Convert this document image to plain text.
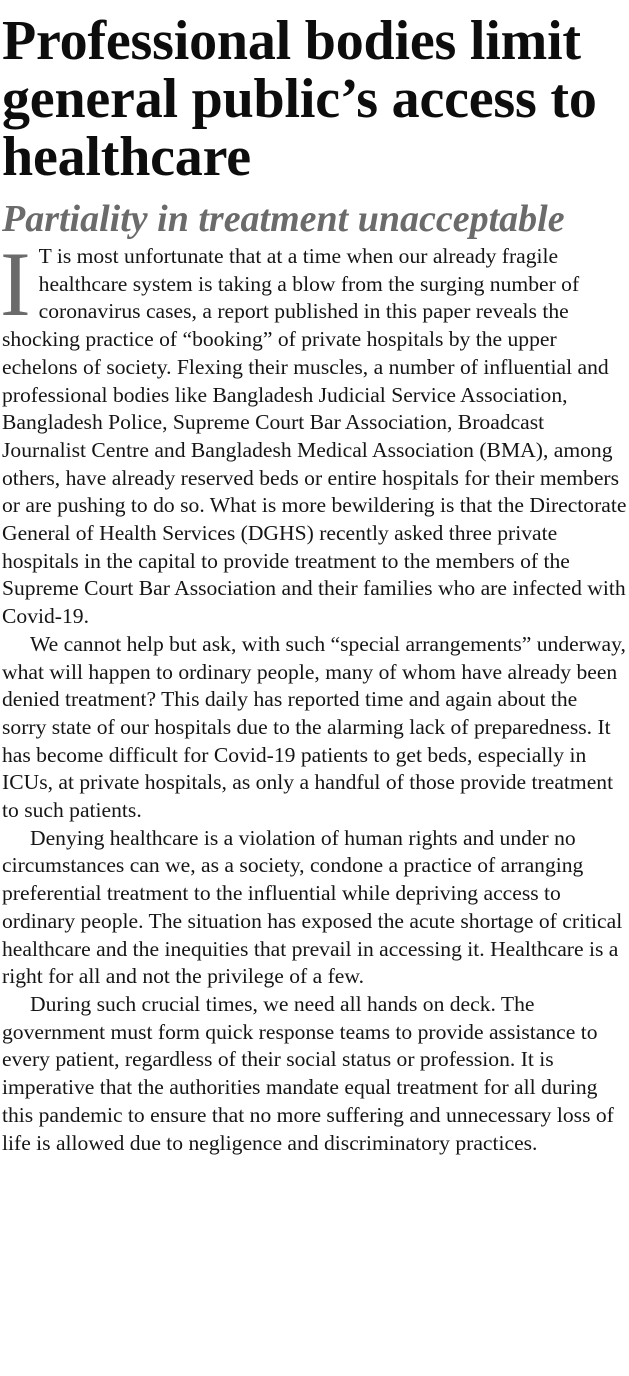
Professional bodies limit general public’s access to healthcare
Partiality in treatment unacceptable

I T is most unfortunate that at a time when our already fragile healthcare system is taking a blow from the surging number of coronavirus cases, a report published in this paper reveals the shocking practice of “booking” of private hospitals by the upper echelons of society. Flexing their muscles, a number of influential and professional bodies like Bangladesh Judicial Service Association, Bangladesh Police, Supreme Court Bar Association, Broadcast Journalist Centre and Bangladesh Medical Association (BMA), among others, have already reserved beds or entire hospitals for their members or are pushing to do so. What is more bewildering is that the Directorate General of Health Services (DGHS) recently asked three private hospitals in the capital to provide treatment to the members of the Supreme Court Bar Association and their families who are infected with Covid-19.

We cannot help but ask, with such “special arrangements” underway, what will happen to ordinary people, many of whom have already been denied treatment? This daily has reported time and again about the sorry state of our hospitals due to the alarming lack of preparedness. It has become difficult for Covid-19 patients to get beds, especially in ICUs, at private hospitals, as only a handful of those provide treatment to such patients.

Denying healthcare is a violation of human rights and under no circumstances can we, as a society, condone a practice of arranging preferential treatment to the influential while depriving access to ordinary people. The situation has exposed the acute shortage of critical healthcare and the inequities that prevail in accessing it. Healthcare is a right for all and not the privilege of a few.

During such crucial times, we need all hands on deck. The government must form quick response teams to provide assistance to every patient, regardless of their social status or profession. It is imperative that the authorities mandate equal treatment for all during this pandemic to ensure that no more suffering and unnecessary loss of life is allowed due to negligence and discriminatory practices.
